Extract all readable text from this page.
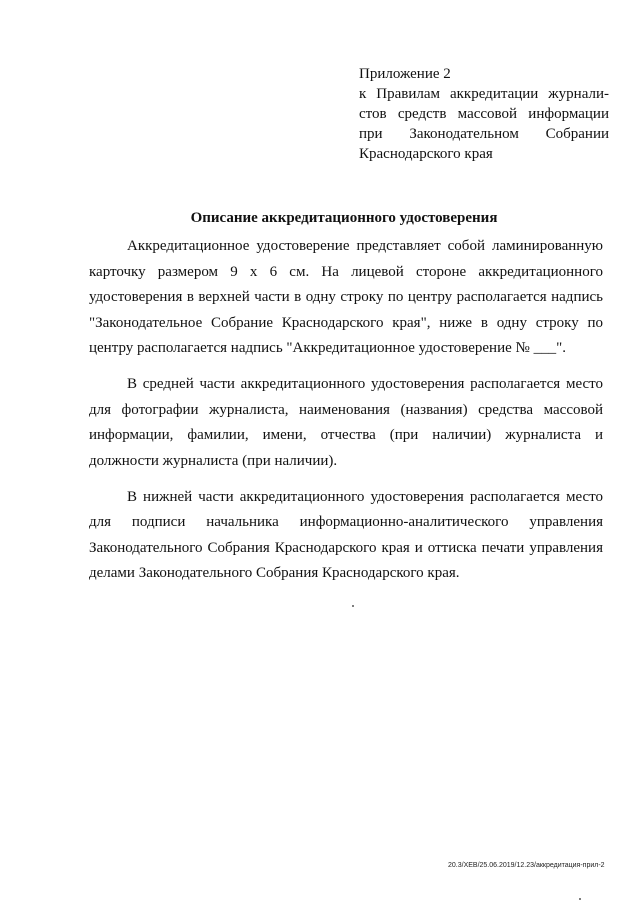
Приложение 2
к Правилам аккредитации журнали-
стов средств массовой информации
при Законодательном Собрании
Краснодарского края
Описание аккредитационного удостоверения

Аккредитационное удостоверение представляет собой ламинированную карточку размером 9 х 6 см. На лицевой стороне аккредитационного удостоверения в верхней части в одну строку по центру располагается надпись "Законодательное Собрание Краснодарского края", ниже в одну строку по центру располагается надпись "Аккредитационное удостоверение № ___".

В средней части аккредитационного удостоверения располагается место для фотографии журналиста, наименования (названия) средства массовой информации, фамилии, имени, отчества (при наличии) журналиста и должности журналиста (при наличии).

В нижней части аккредитационного удостоверения располагается место для подписи начальника информационно-аналитического управления Законодательного Собрания Краснодарского края и оттиска печати управления делами Законодательного Собрания Краснодарского края.

20.3/ХЕВ/25.06.2019/12.23/аккредитация-прил-2
